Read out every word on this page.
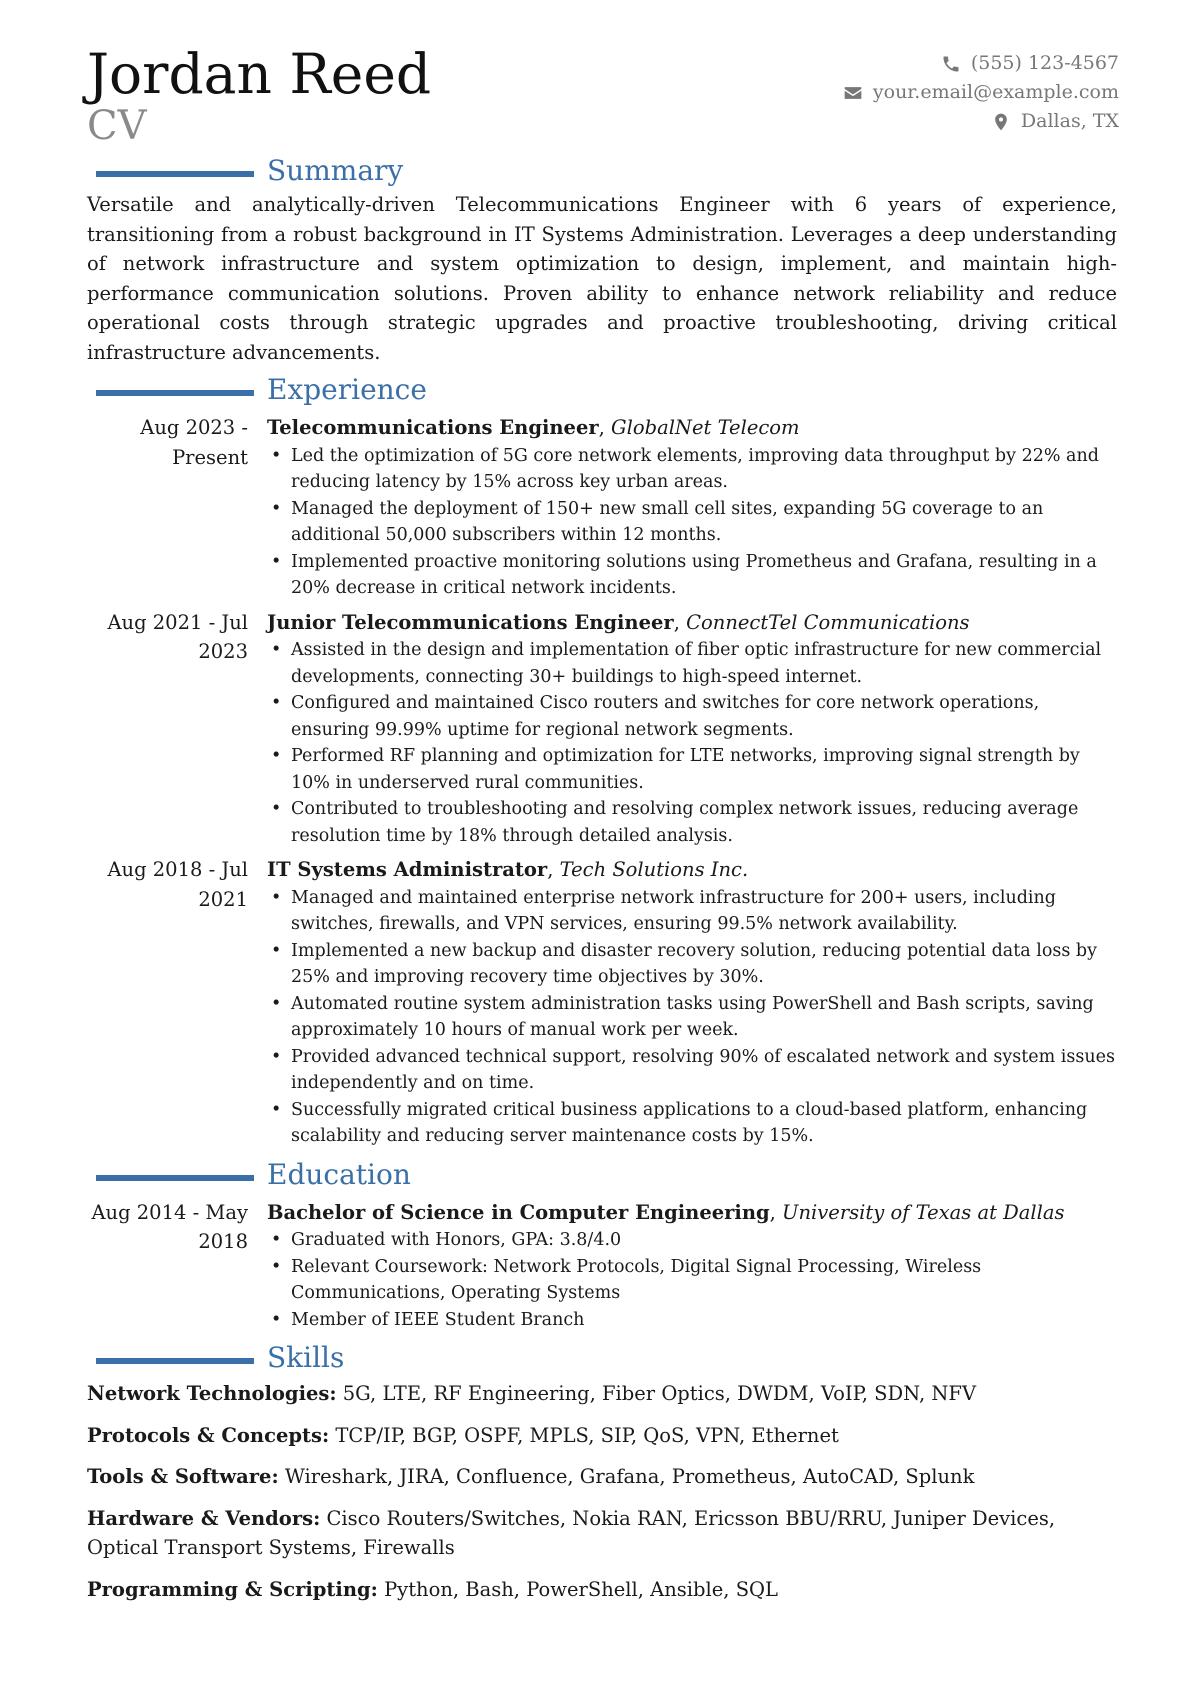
Jordan Reed
CV
(555) 123-4567
your.email@example.com
Dallas, TX
Summary

Versatile and analytically-driven Telecommunications Engineer with 6 years of experience, transitioning from a robust background in IT Systems Administration. Leverages a deep understanding of network infrastructure and system optimization to design, implement, and maintain high-performance communication solutions. Proven ability to enhance network reliability and reduce operational costs through strategic upgrades and proactive troubleshooting, driving critical infrastructure advancements.

Experience
Aug 2023 - Present
Telecommunications Engineer, GlobalNet Telecom
• Led the optimization of 5G core network elements, improving data throughput by 22% and reducing latency by 15% across key urban areas.
• Managed the deployment of 150+ new small cell sites, expanding 5G coverage to an additional 50,000 subscribers within 12 months.
• Implemented proactive monitoring solutions using Prometheus and Grafana, resulting in a 20% decrease in critical network incidents.
Aug 2021 - Jul 2023
Junior Telecommunications Engineer, ConnectTel Communications
• Assisted in the design and implementation of fiber optic infrastructure for new commercial developments, connecting 30+ buildings to high-speed internet.
• Configured and maintained Cisco routers and switches for core network operations, ensuring 99.99% uptime for regional network segments.
• Performed RF planning and optimization for LTE networks, improving signal strength by 10% in underserved rural communities.
• Contributed to troubleshooting and resolving complex network issues, reducing average resolution time by 18% through detailed analysis.
Aug 2018 - Jul 2021
IT Systems Administrator, Tech Solutions Inc.
• Managed and maintained enterprise network infrastructure for 200+ users, including switches, firewalls, and VPN services, ensuring 99.5% network availability.
• Implemented a new backup and disaster recovery solution, reducing potential data loss by 25% and improving recovery time objectives by 30%.
• Automated routine system administration tasks using PowerShell and Bash scripts, saving approximately 10 hours of manual work per week.
• Provided advanced technical support, resolving 90% of escalated network and system issues independently and on time.
• Successfully migrated critical business applications to a cloud-based platform, enhancing scalability and reducing server maintenance costs by 15%.
Education
Aug 2014 - May 2018
Bachelor of Science in Computer Engineering, University of Texas at Dallas
• Graduated with Honors, GPA: 3.8/4.0
• Relevant Coursework: Network Protocols, Digital Signal Processing, Wireless Communications, Operating Systems
• Member of IEEE Student Branch
Skills
Network Technologies: 5G, LTE, RF Engineering, Fiber Optics, DWDM, VoIP, SDN, NFV
Protocols & Concepts: TCP/IP, BGP, OSPF, MPLS, SIP, QoS, VPN, Ethernet
Tools & Software: Wireshark, JIRA, Confluence, Grafana, Prometheus, AutoCAD, Splunk
Hardware & Vendors: Cisco Routers/Switches, Nokia RAN, Ericsson BBU/RRU, Juniper Devices, Optical Transport Systems, Firewalls
Programming & Scripting: Python, Bash, PowerShell, Ansible, SQL
